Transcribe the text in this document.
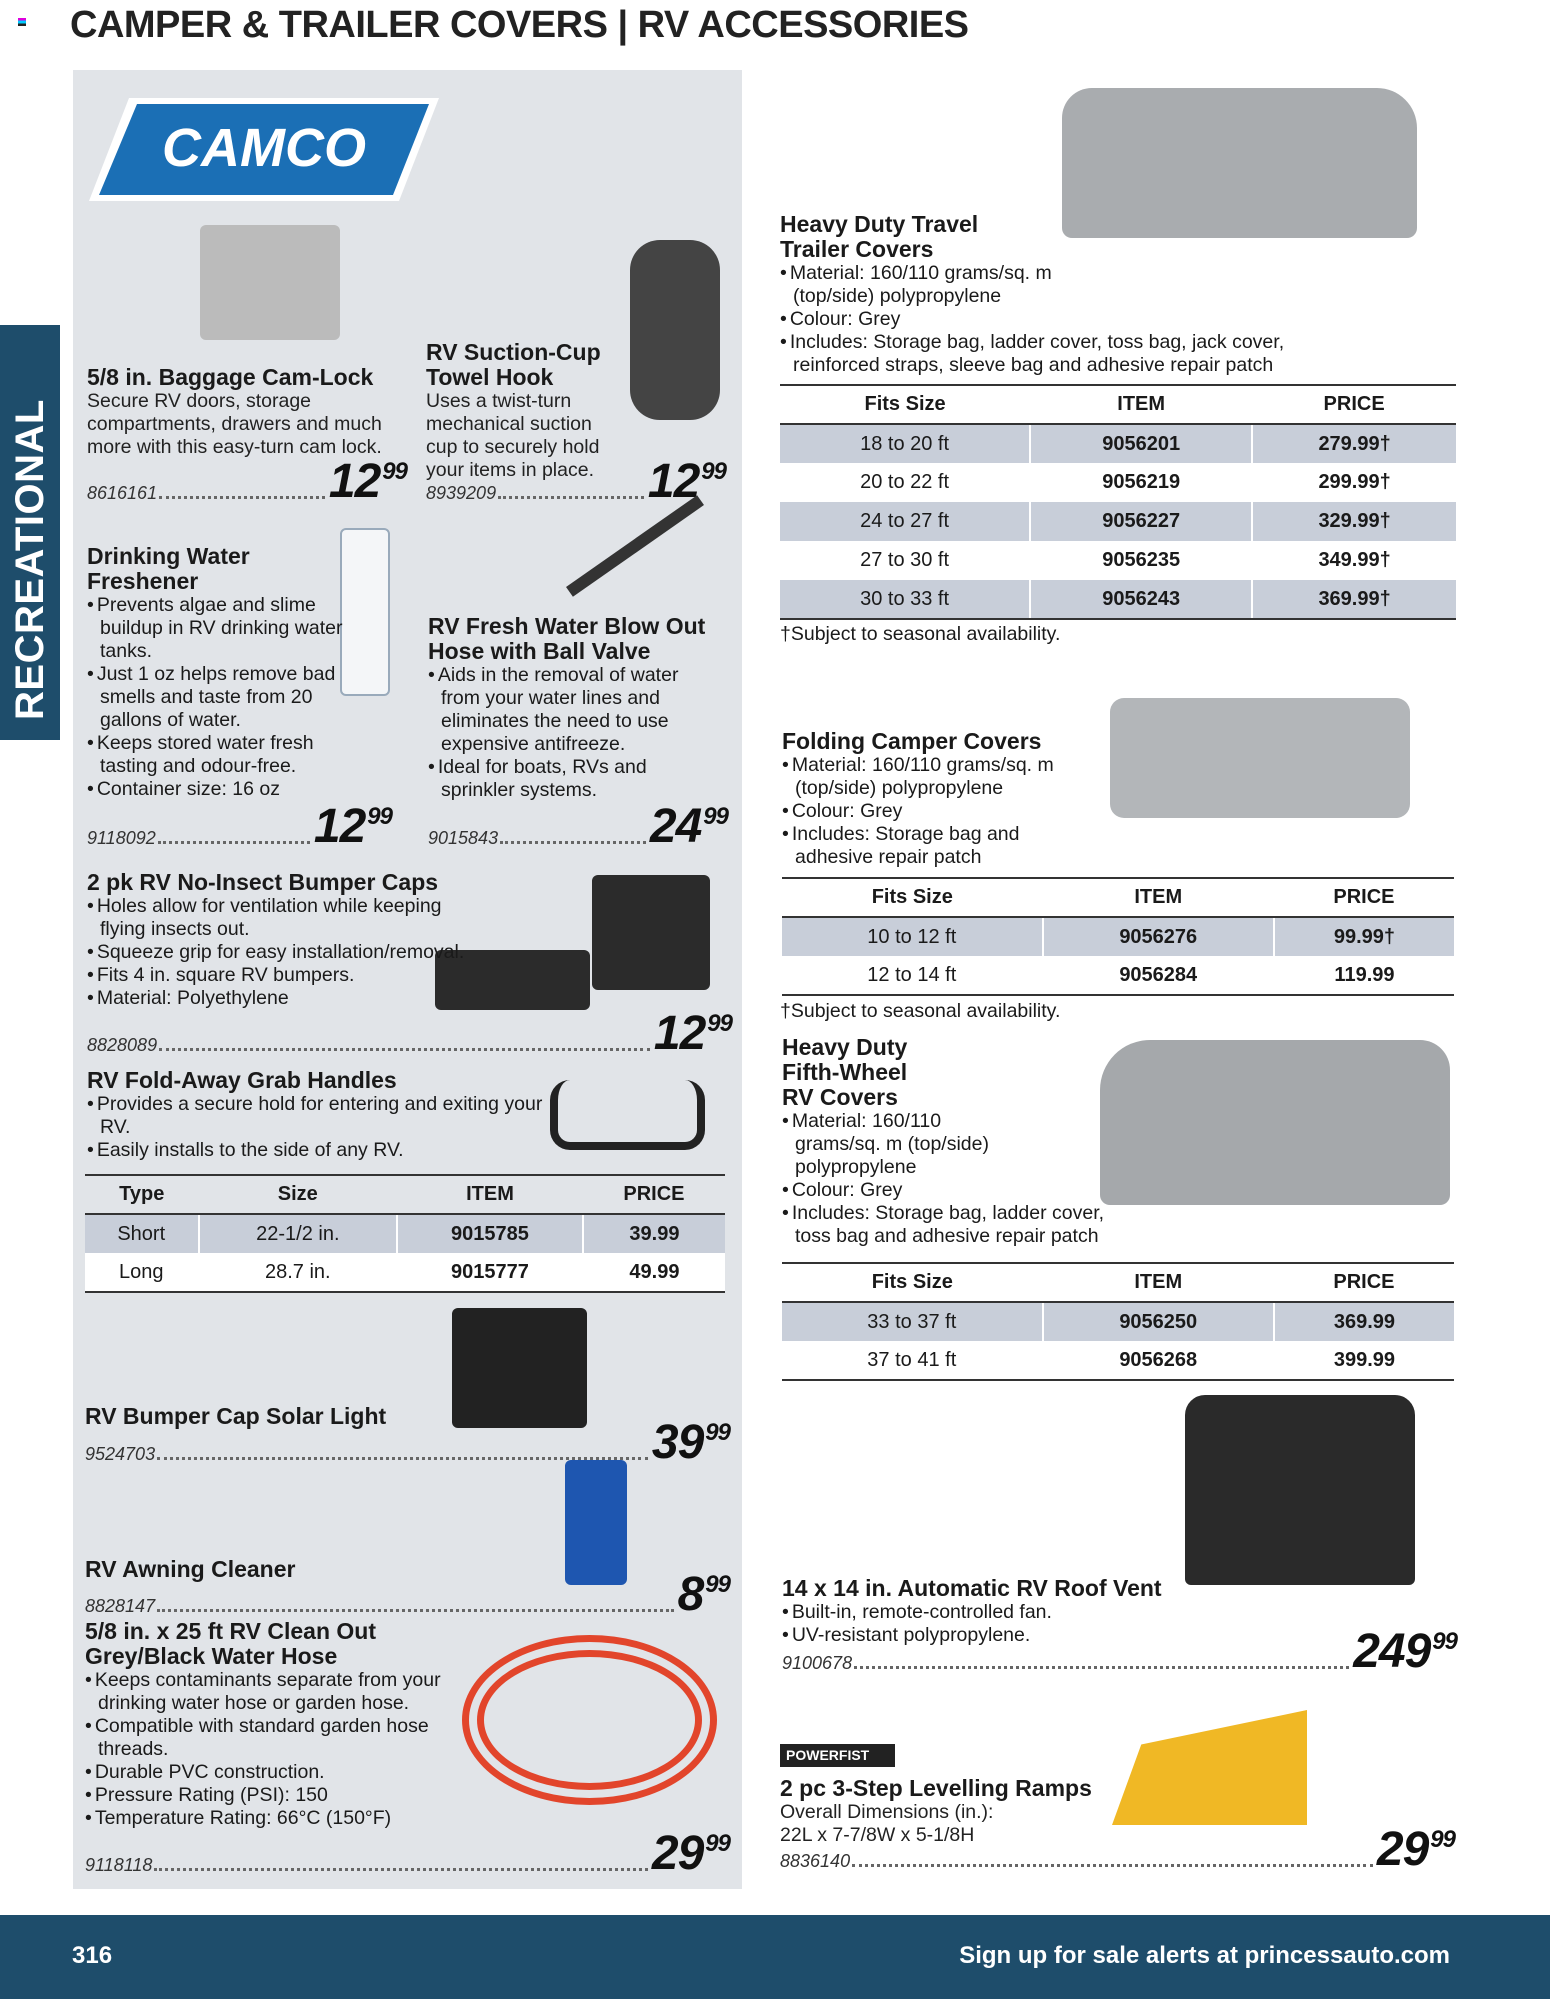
CAMPER & TRAILER COVERS | RV ACCESSORIES
RECREATIONAL
CAMCO
5/8 in. Baggage Cam-Lock
Secure RV doors, storage compartments, drawers and much more with this easy-turn cam lock.
8616161	$12^{99}$
RV Suction-Cup Towel Hook
Uses a twist-turn mechanical suction cup to securely hold your items in place.
8939209	$12^{99}$
Drinking Water Freshener
• Prevents algae and slime buildup in RV drinking water tanks.
• Just 1 oz helps remove bad smells and taste from 20 gallons of water.
• Keeps stored water fresh tasting and odour-free.
• Container size: 16 oz
9118092	$12^{99}$
RV Fresh Water Blow Out Hose with Ball Valve
• Aids in the removal of water from your water lines and eliminates the need to use expensive antifreeze.
• Ideal for boats, RVs and sprinkler systems.
9015843	$24^{99}$
2 pk RV No-Insect Bumper Caps
• Holes allow for ventilation while keeping flying insects out.
• Squeeze grip for easy installation/removal.
• Fits 4 in. square RV bumpers.
• Material: Polyethylene
8828089	$12^{99}$
RV Fold-Away Grab Handles
• Provides a secure hold for entering and exiting your RV.
• Easily installs to the side of any RV.
Type	Size	ITEM	PRICE
Short	22-1/2 in.	9015785	39.99
Long	28.7 in.	9015777	49.99
RV Bumper Cap Solar Light
9524703	$39^{99}$
RV Awning Cleaner
8828147	$8^{99}$
5/8 in. x 25 ft RV Clean Out Grey/Black Water Hose
• Keeps contaminants separate from your drinking water hose or garden hose.
• Compatible with standard garden hose threads.
• Durable PVC construction.
• Pressure Rating (PSI): 150
• Temperature Rating: 66°C (150°F)
9118118	$29^{99}$
Heavy Duty Travel Trailer Covers
• Material: 160/110 grams/sq. m (top/side) polypropylene
• Colour: Grey
• Includes: Storage bag, ladder cover, toss bag, jack cover, reinforced straps, sleeve bag and adhesive repair patch
Fits Size	ITEM	PRICE
18 to 20 ft	9056201	279.99†
20 to 22 ft	9056219	299.99†
24 to 27 ft	9056227	329.99†
27 to 30 ft	9056235	349.99†
30 to 33 ft	9056243	369.99†
†Subject to seasonal availability.
Folding Camper Covers
• Material: 160/110 grams/sq. m (top/side) polypropylene
• Colour: Grey
• Includes: Storage bag and adhesive repair patch
Fits Size	ITEM	PRICE
10 to 12 ft	9056276	99.99†
12 to 14 ft	9056284	119.99
†Subject to seasonal availability.
Heavy Duty Fifth-Wheel RV Covers
• Material: 160/110 grams/sq. m (top/side) polypropylene
• Colour: Grey
• Includes: Storage bag, ladder cover, toss bag and adhesive repair patch
Fits Size	ITEM	PRICE
33 to 37 ft	9056250	369.99
37 to 41 ft	9056268	399.99
14 x 14 in. Automatic RV Roof Vent
• Built-in, remote-controlled fan.
• UV-resistant polypropylene.
9100678	$249^{99}$
POWERFIST
2 pc 3-Step Levelling Ramps
Overall Dimensions (in.): 22L x 7-7/8W x 5-1/8H
8836140	$29^{99}$
316	Sign up for sale alerts at princessauto.com
